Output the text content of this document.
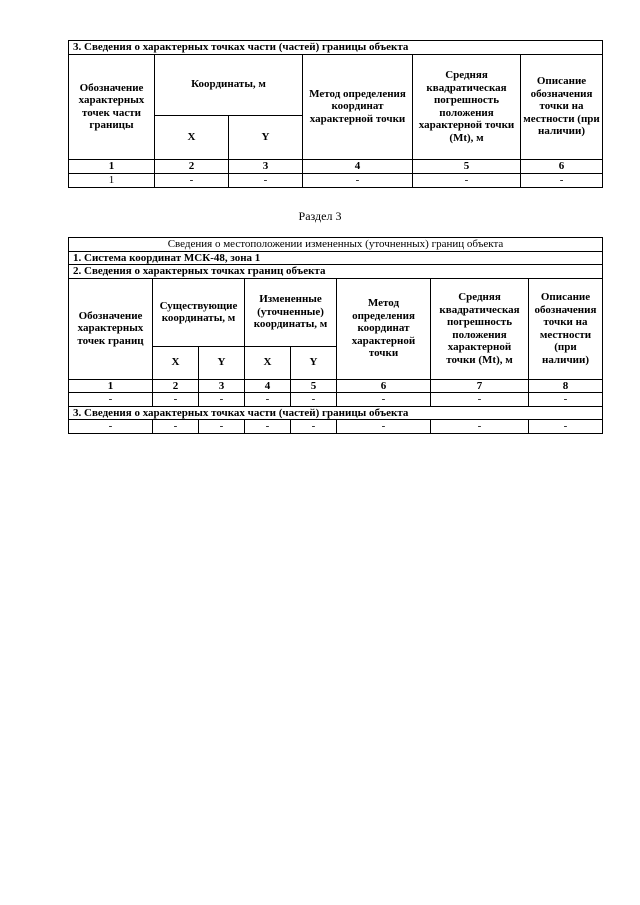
3. Сведения о характерных точках части (частей) границы объекта					
Обозначение характерных точек части границы	Координаты, м		Метод определения координат характерной точки	Средняя квадратическая погрешность положения характерной точки (Мt), м	Описание обозначения точки на местности (при наличии)
	X	Y			
1	2	3	4	5	6
1	-	-	-	-	-
Раздел 3
Сведения о местоположении измененных (уточненных) границ объекта							
1. Система координат МСК-48, зона 1							
2. Сведения о характерных точках границ объекта							
Обозначение характерных точек границ	Существующие координаты, м		Измененные (уточненные) координаты, м		Метод определения координат характерной точки	Средняя квадратическая погрешность положения характерной точки (Мt), м	Описание обозначения точки на местности (при наличии)
	X	Y	X	Y			
1	2	3	4	5	6	7	8
-	-	-	-	-	-	-	-
3. Сведения о характерных точках части (частей) границы объекта							
-	-	-	-	-	-	-	-
